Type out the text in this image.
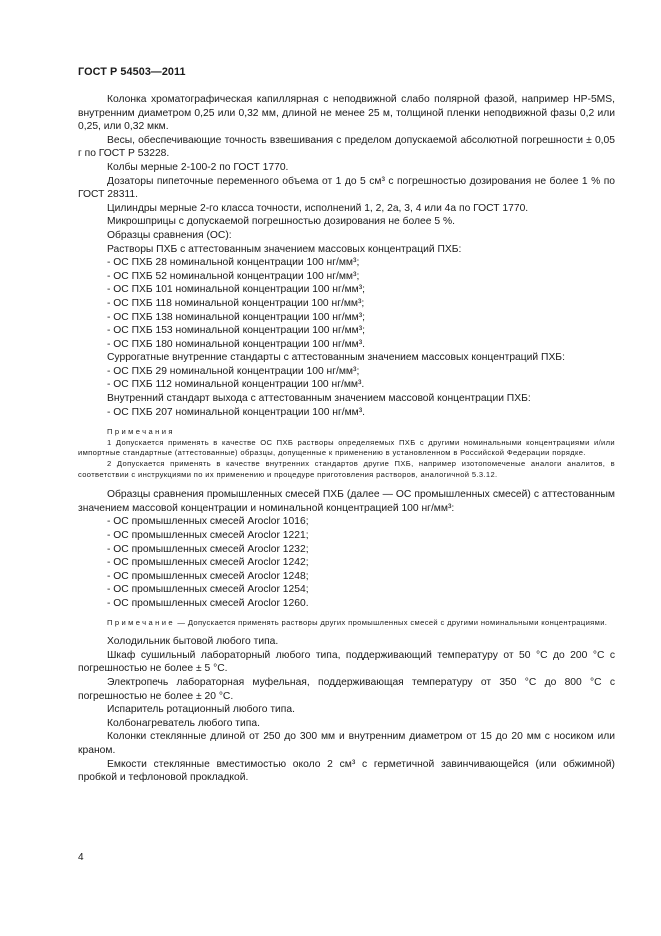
ГОСТ Р 54503—2011

Колонка хроматографическая капиллярная с неподвижной слабо полярной фазой, например HP-5MS, внутренним диаметром 0,25 или 0,32 мм, длиной не менее 25 м, толщиной пленки неподвижной фазы 0,2 или 0,25, или 0,32 мкм.

Весы, обеспечивающие точность взвешивания с пределом допускаемой абсолютной погрешности ± 0,05 г по ГОСТ Р 53228.

Колбы мерные 2-100-2 по ГОСТ 1770.

Дозаторы пипеточные переменного объема от 1 до 5 см³ с погрешностью дозирования не более 1 % по ГОСТ 28311.

Цилиндры мерные 2-го класса точности, исполнений 1, 2, 2а, 3, 4 или 4а по ГОСТ 1770.

Микрошприцы с допускаемой погрешностью дозирования не более 5 %.

Образцы сравнения (ОС):

Растворы ПХБ с аттестованным значением массовых концентраций ПХБ:

- ОС ПХБ 28 номинальной концентрации 100 нг/мм³;

- ОС ПХБ 52 номинальной концентрации 100 нг/мм³;

- ОС ПХБ 101 номинальной концентрации 100 нг/мм³;

- ОС ПХБ 118 номинальной концентрации 100 нг/мм³;

- ОС ПХБ 138 номинальной концентрации 100 нг/мм³;

- ОС ПХБ 153 номинальной концентрации 100 нг/мм³;

- ОС ПХБ 180 номинальной концентрации 100 нг/мм³.

Суррогатные внутренние стандарты с аттестованным значением массовых концентраций ПХБ:

- ОС ПХБ 29 номинальной концентрации 100 нг/мм³;

- ОС ПХБ 112 номинальной концентрации 100 нг/мм³.

Внутренний стандарт выхода с аттестованным значением массовой концентрации ПХБ:

- ОС ПХБ 207 номинальной концентрации 100 нг/мм³.

Примечания

1 Допускается применять в качестве ОС ПХБ растворы определяемых ПХБ с другими номинальными концентрациями и/или импортные стандартные (аттестованные) образцы, допущенные к применению в установленном в Российской Федерации порядке.

2 Допускается применять в качестве внутренних стандартов другие ПХБ, например изотопомеченые аналоги аналитов, в соответствии с инструкциями по их применению и процедуре приготовления растворов, аналогичной 5.3.12.

Образцы сравнения промышленных смесей ПХБ (далее — ОС промышленных смесей) с аттестованным значением массовой концентрации и номинальной концентрацией 100 нг/мм³:

- ОС промышленных смесей Aroclor 1016;

- ОС промышленных смесей Aroclor 1221;

- ОС промышленных смесей Aroclor 1232;

- ОС промышленных смесей Aroclor 1242;

- ОС промышленных смесей Aroclor 1248;

- ОС промышленных смесей Aroclor 1254;

- ОС промышленных смесей Aroclor 1260.

Примечание — Допускается применять растворы других промышленных смесей с другими номинальными концентрациями.

Холодильник бытовой любого типа.

Шкаф сушильный лабораторный любого типа, поддерживающий температуру от 50 °С до 200 °С с погрешностью не более ± 5 °С.

Электропечь лабораторная муфельная, поддерживающая температуру от 350 °С до 800 °С с погрешностью не более ± 20 °С.

Испаритель ротационный любого типа.

Колбонагреватель любого типа.

Колонки стеклянные длиной от 250 до 300 мм и внутренним диаметром от 15 до 20 мм с носиком или краном.

Емкости стеклянные вместимостью около 2 см³ с герметичной завинчивающейся (или обжимной) пробкой и тефлоновой прокладкой.

4
